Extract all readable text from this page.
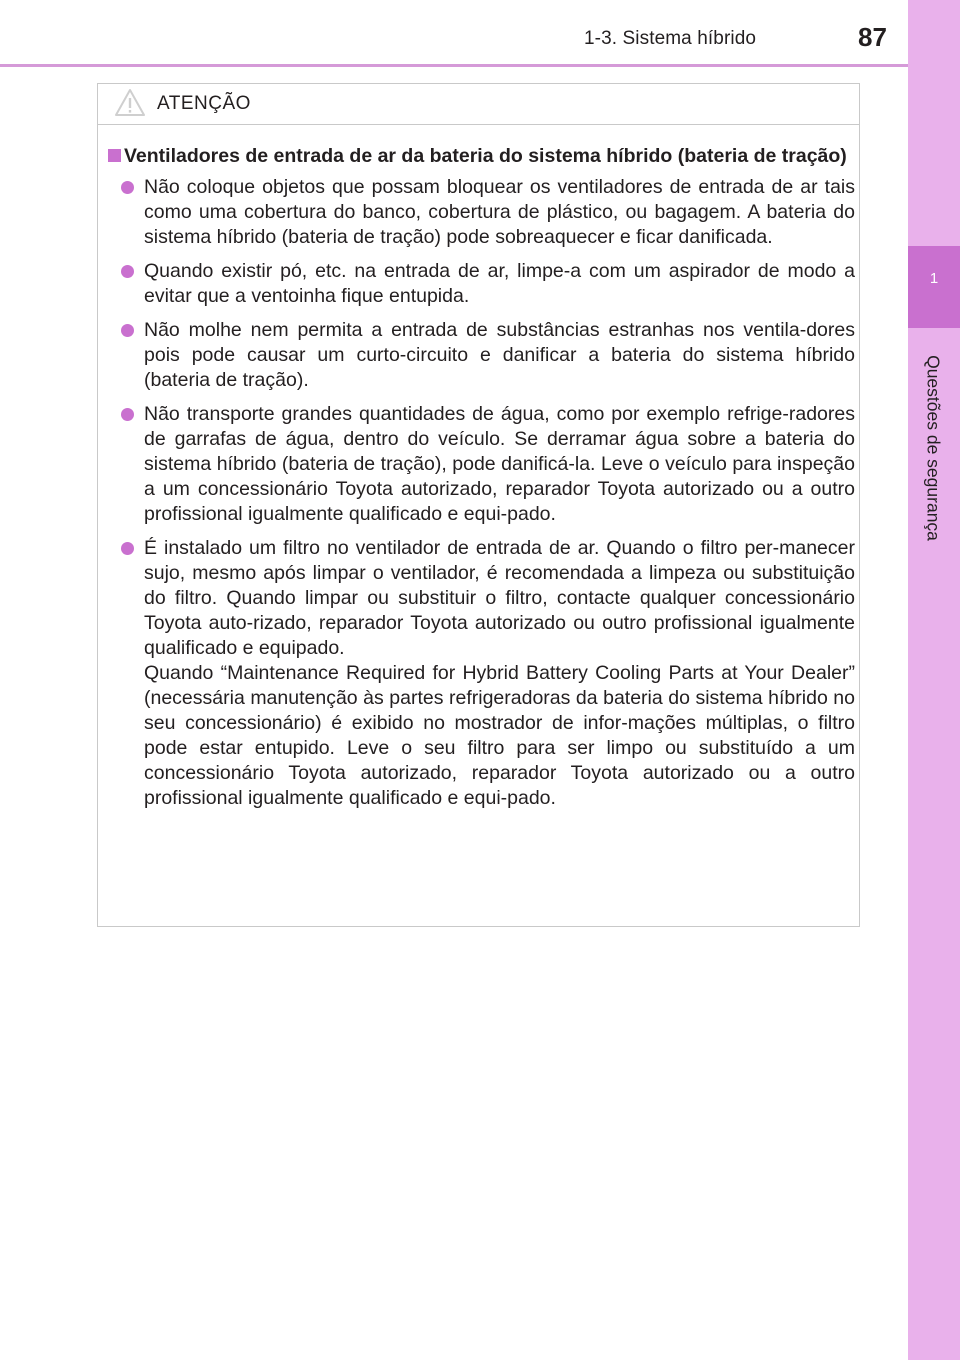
1-3. Sistema híbrido	87
1
Questões de segurança
ATENÇÃO
Ventiladores de entrada de ar da bateria do sistema híbrido (bateria de tração)
Não coloque objetos que possam bloquear os ventiladores de entrada de ar tais como uma cobertura do banco, cobertura de plástico, ou bagagem. A bateria do sistema híbrido (bateria de tração) pode sobreaquecer e ficar danificada.
Quando existir pó, etc. na entrada de ar, limpe-a com um aspirador de modo a evitar que a ventoinha fique entupida.
Não molhe nem permita a entrada de substâncias estranhas nos ventila-dores pois pode causar um curto-circuito e danificar a bateria do sistema híbrido (bateria de tração).
Não transporte grandes quantidades de água, como por exemplo refrige-radores de garrafas de água, dentro do veículo. Se derramar água sobre a bateria do sistema híbrido (bateria de tração), pode danificá-la. Leve o veículo para inspeção a um concessionário Toyota autorizado, reparador Toyota autorizado ou a outro profissional igualmente qualificado e equi-pado.
É instalado um filtro no ventilador de entrada de ar. Quando o filtro per-manecer sujo, mesmo após limpar o ventilador, é recomendada a limpeza ou substituição do filtro. Quando limpar ou substituir o filtro, contacte qualquer concessionário Toyota auto-rizado, reparador Toyota autorizado ou outro profissional igualmente qualificado e equipado.
Quando “Maintenance Required for Hybrid Battery Cooling Parts at Your Dealer” (necessária manutenção às partes refrigeradoras da bateria do sistema híbrido no seu concessionário) é exibido no mostrador de infor-mações múltiplas, o filtro pode estar entupido. Leve o seu filtro para ser limpo ou substituído a um concessionário Toyota autorizado, reparador Toyota autorizado ou a outro profissional igualmente qualificado e equi-pado.
